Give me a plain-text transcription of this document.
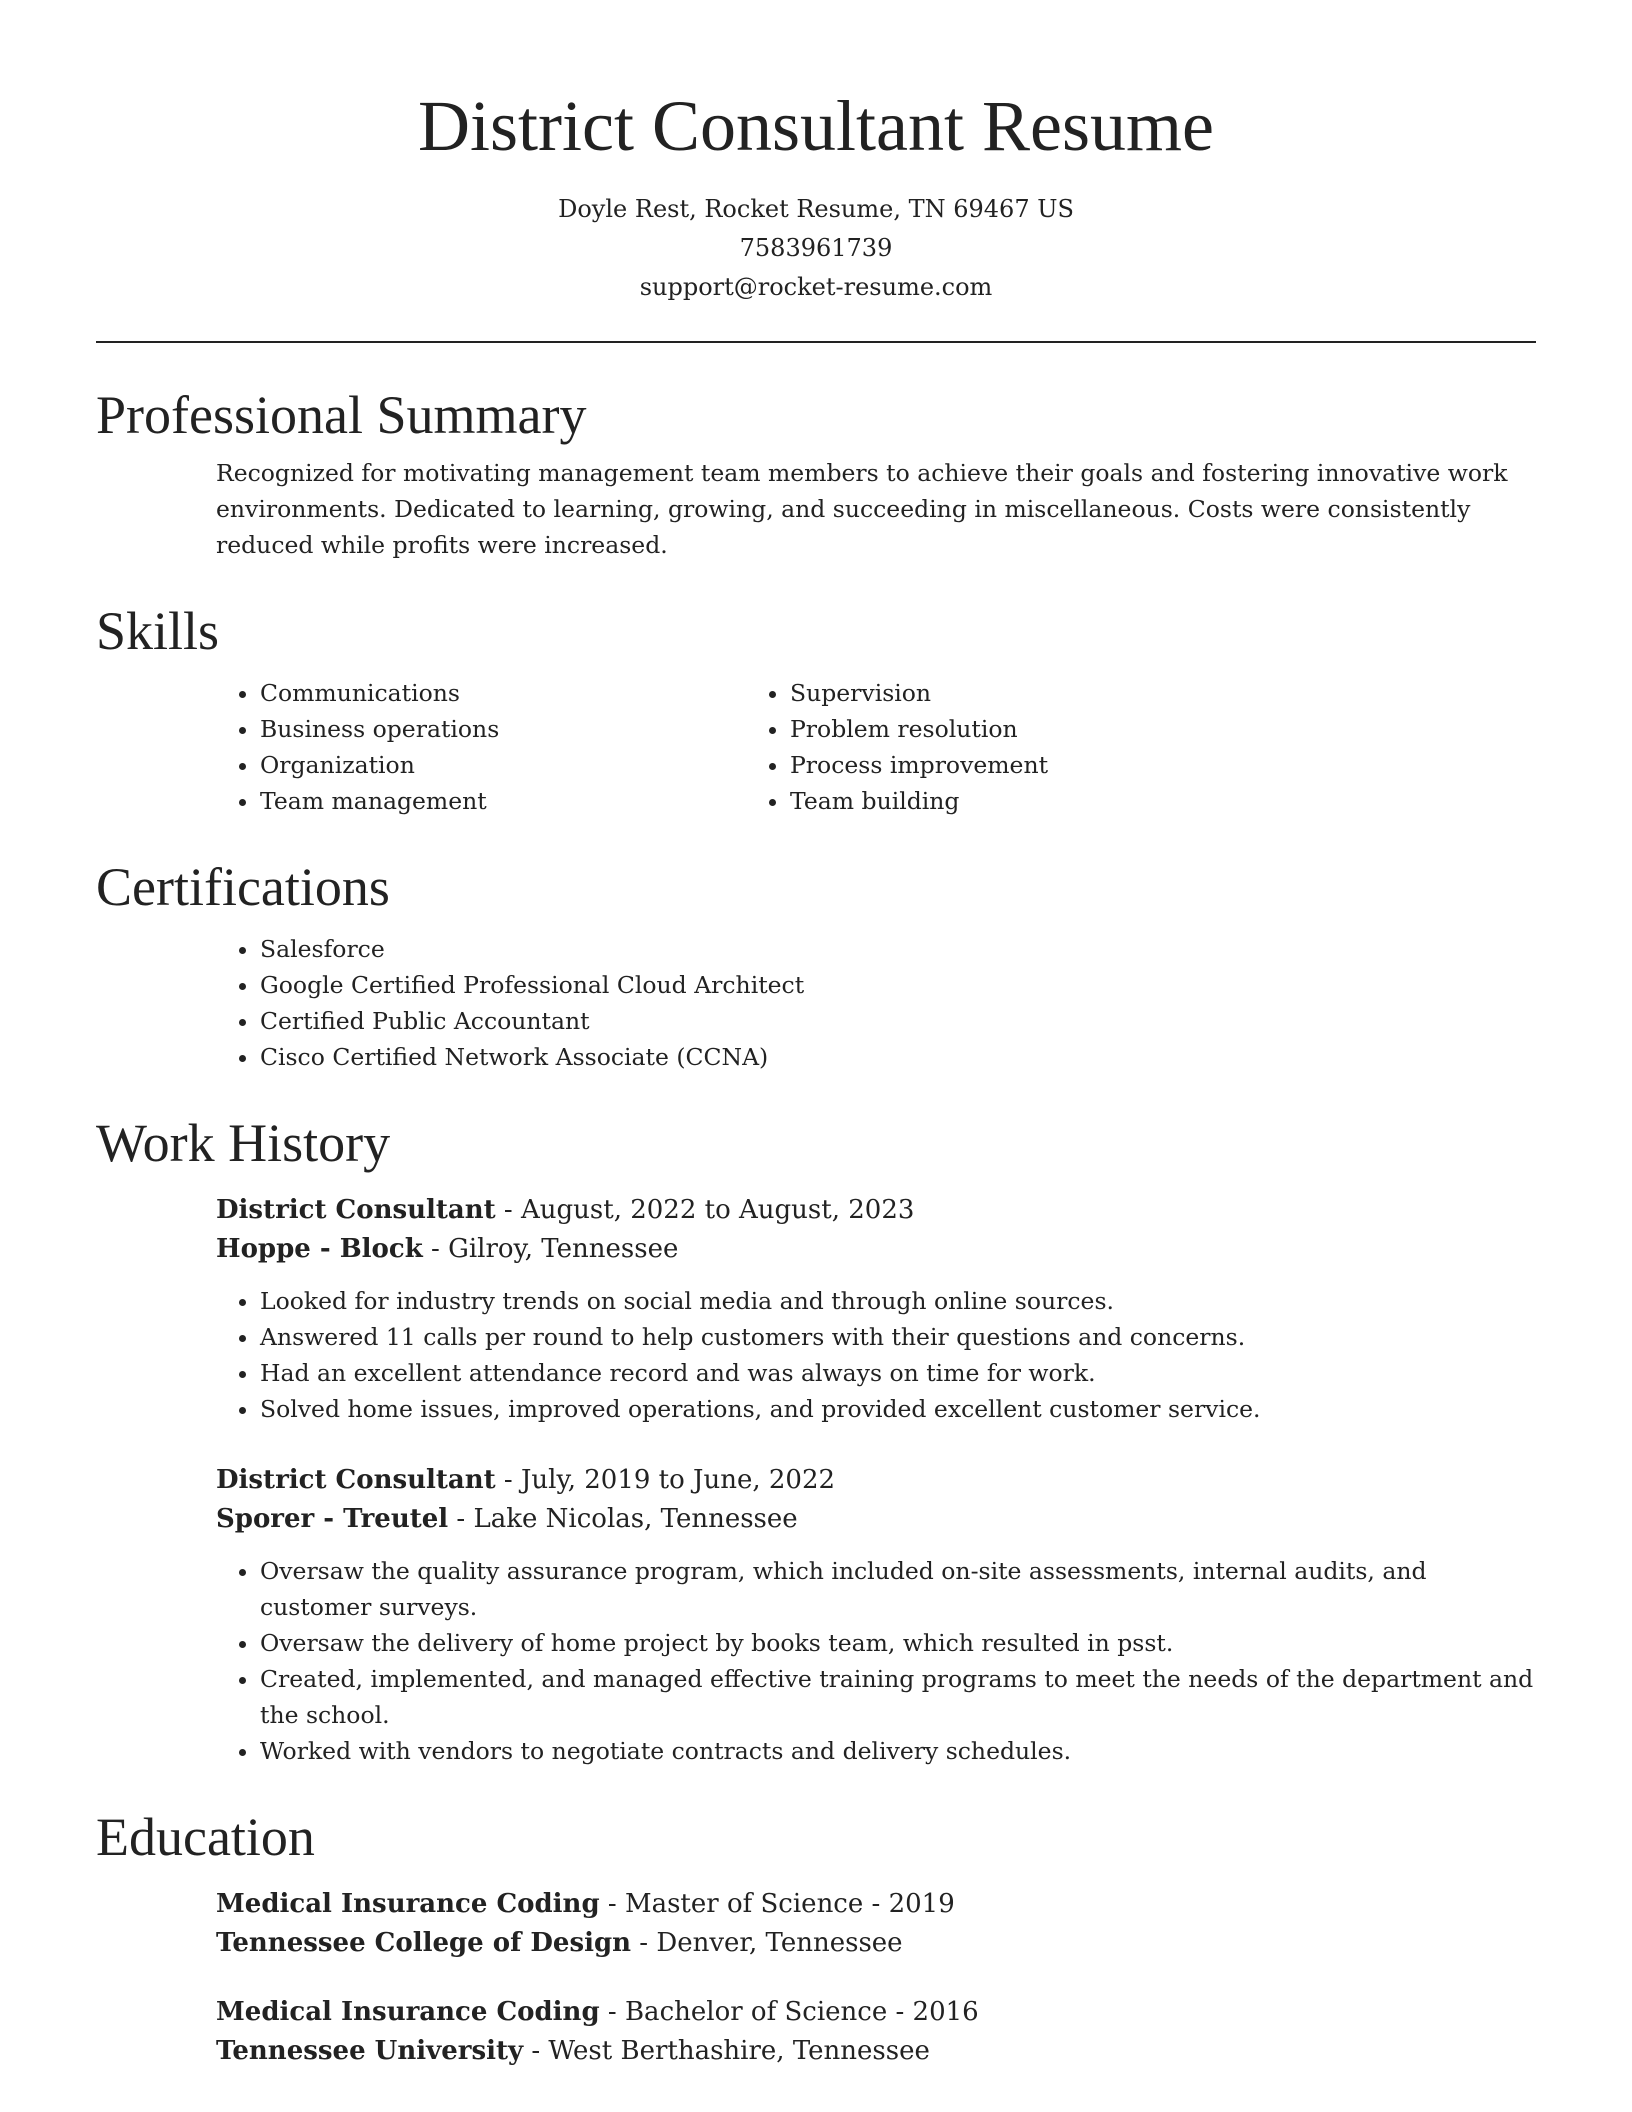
District Consultant Resume

Doyle Rest, Rocket Resume, TN 69467 US

7583961739

support@rocket-resume.com

Professional Summary

Recognized for motivating management team members to achieve their goals and fostering innovative work environments. Dedicated to learning, growing, and succeeding in miscellaneous. Costs were consistently reduced while profits were increased.

Skills
• Communications
• Business operations
• Organization
• Team management
• Supervision
• Problem resolution
• Process improvement
• Team building
Certifications
• Salesforce
• Google Certified Professional Cloud Architect
• Certified Public Accountant
• Cisco Certified Network Associate (CCNA)
Work History

District Consultant - August, 2022 to August, 2023

Hoppe - Block - Gilroy, Tennessee

• Looked for industry trends on social media and through online sources.
• Answered 11 calls per round to help customers with their questions and concerns.
• Had an excellent attendance record and was always on time for work.
• Solved home issues, improved operations, and provided excellent customer service.

District Consultant - July, 2019 to June, 2022

Sporer - Treutel - Lake Nicolas, Tennessee

• Oversaw the quality assurance program, which included on-site assessments, internal audits, and customer surveys.
• Oversaw the delivery of home project by books team, which resulted in psst.
• Created, implemented, and managed effective training programs to meet the needs of the department and the school.
• Worked with vendors to negotiate contracts and delivery schedules.
Education

Medical Insurance Coding - Master of Science - 2019

Tennessee College of Design - Denver, Tennessee

Medical Insurance Coding - Bachelor of Science - 2016

Tennessee University - West Berthashire, Tennessee
